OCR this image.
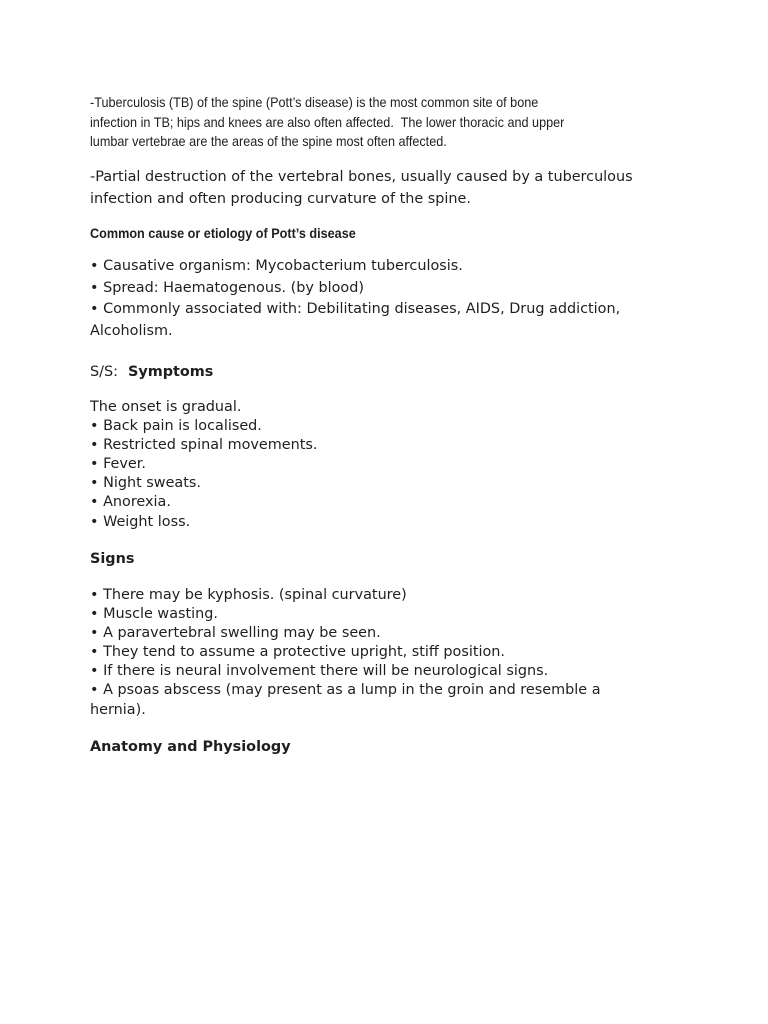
-Tuberculosis (TB) of the spine (Pott’s disease) is the most common site of bone
infection in TB; hips and knees are also often affected.  The lower thoracic and upper
lumbar vertebrae are the areas of the spine most often affected.
-Partial destruction of the vertebral bones, usually caused by a tuberculous
infection and often producing curvature of the spine.
Common cause or etiology of Pott’s disease
• Causative organism: Mycobacterium tuberculosis.
• Spread: Haematogenous. (by blood)
• Commonly associated with: Debilitating diseases, AIDS, Drug addiction, Alcoholism.
S/S: Symptoms
The onset is gradual.
• Back pain is localised.
• Restricted spinal movements.
• Fever.
• Night sweats.
• Anorexia.
• Weight loss.
Signs
• There may be kyphosis. (spinal curvature)
• Muscle wasting.
• A paravertebral swelling may be seen.
• They tend to assume a protective upright, stiff position.
• If there is neural involvement there will be neurological signs.
• A psoas abscess (may present as a lump in the groin and resemble a hernia).
Anatomy and Physiology
